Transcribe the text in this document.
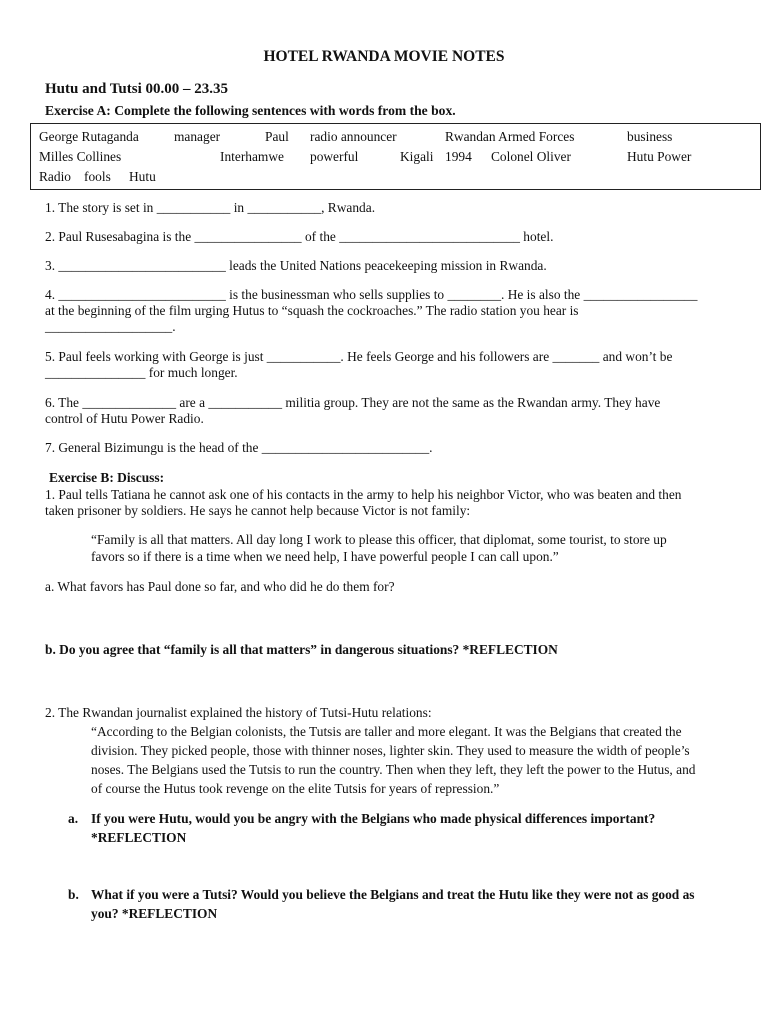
HOTEL RWANDA MOVIE NOTES
Hutu and Tutsi 00.00 – 23.35
Exercise A: Complete the following sentences with words from the box.
George Rutaganda	manager	Paul radio announcer	Rwandan Armed Forces	business
Milles Collines	Interhamwe powerful	Kigali 1994 Colonel Oliver	Hutu Power
Radio fools Hutu
1. The story is set in ___________ in ___________, Rwanda.
2. Paul Rusesabagina is the ________________ of the ___________________________ hotel.
3. _________________________ leads the United Nations peacekeeping mission in Rwanda.
4. _________________________ is the businessman who sells supplies to ________. He is also the _________________
at the beginning of the film urging Hutus to “squash the cockroaches.” The radio station you hear is
___________________.
5. Paul feels working with George is just ___________. He feels George and his followers are _______ and won’t be
_______________ for much longer.
6. The ______________ are a ___________ militia group. They are not the same as the Rwandan army. They have
control of Hutu Power Radio.
7. General Bizimungu is the head of the _________________________.
Exercise B: Discuss:
1. Paul tells Tatiana he cannot ask one of his contacts in the army to help his neighbor Victor, who was beaten and then
taken prisoner by soldiers. He says he cannot help because Victor is not family:
“Family is all that matters. All day long I work to please this officer, that diplomat, some tourist, to store up
favors so if there is a time when we need help, I have powerful people I can call upon.”
a. What favors has Paul done so far, and who did he do them for?
b. Do you agree that “family is all that matters” in dangerous situations? *REFLECTION
2. The Rwandan journalist explained the history of Tutsi-Hutu relations:
“According to the Belgian colonists, the Tutsis are taller and more elegant. It was the Belgians that created the
division. They picked people, those with thinner noses, lighter skin. They used to measure the width of people’s
noses. The Belgians used the Tutsis to run the country. Then when they left, they left the power to the Hutus, and
of course the Hutus took revenge on the elite Tutsis for years of repression.”
a. If you were Hutu, would you be angry with the Belgians who made physical differences important?
*REFLECTION
b. What if you were a Tutsi? Would you believe the Belgians and treat the Hutu like they were not as good as
you? *REFLECTION
